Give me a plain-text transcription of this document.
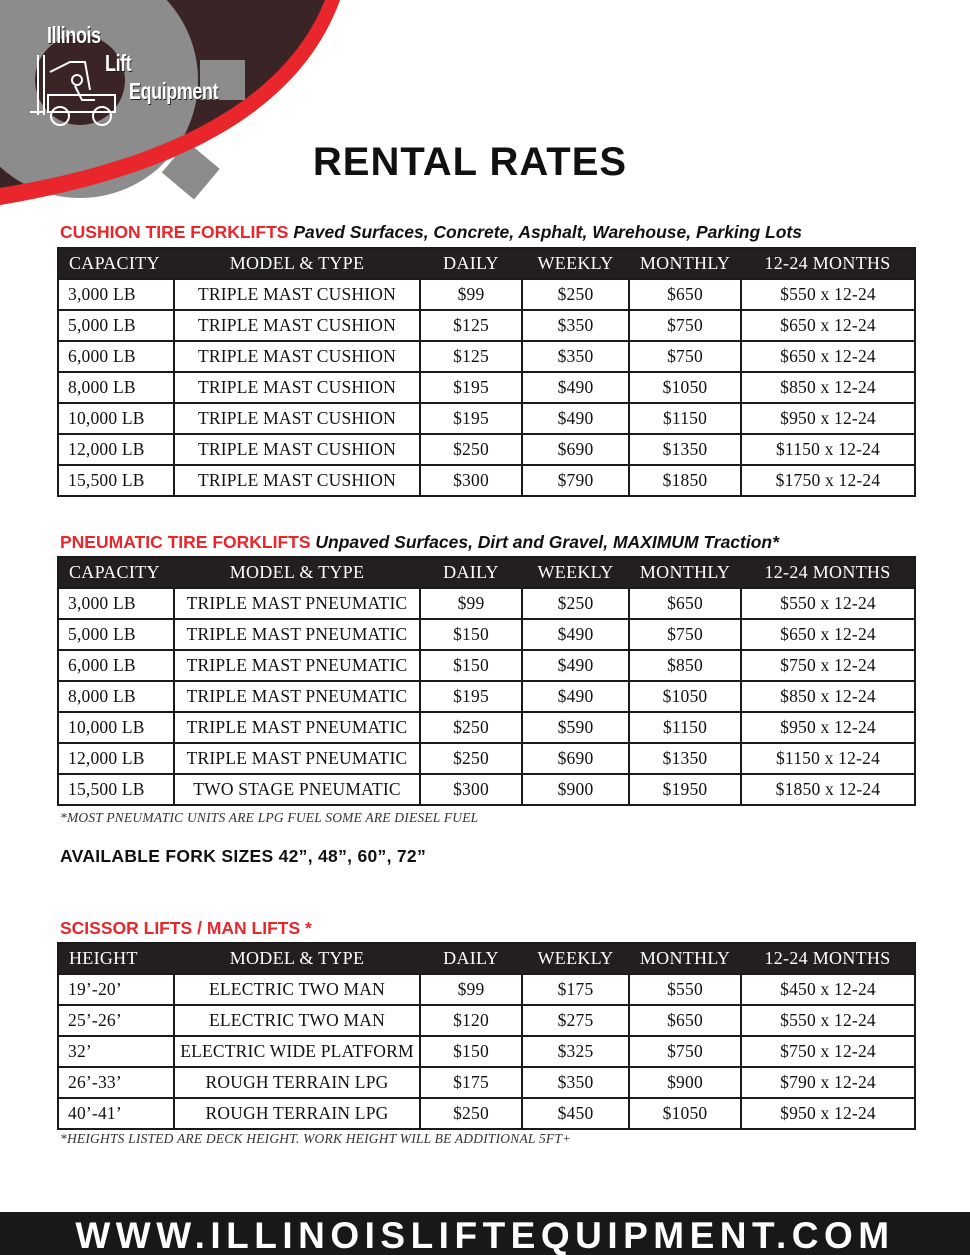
Illinois
Lift
Equipment
RENTAL RATES
CUSHION TIRE FORKLIFTS Paved Surfaces, Concrete, Asphalt, Warehouse, Parking Lots
CAPACITY	MODEL & TYPE	DAILY	WEEKLY	MONTHLY	12-24 MONTHS
3,000 LB	TRIPLE MAST CUSHION	$99	$250	$650	$550 x 12-24
5,000 LB	TRIPLE MAST CUSHION	$125	$350	$750	$650 x 12-24
6,000 LB	TRIPLE MAST CUSHION	$125	$350	$750	$650 x 12-24
8,000 LB	TRIPLE MAST CUSHION	$195	$490	$1050	$850 x 12-24
10,000 LB	TRIPLE MAST CUSHION	$195	$490	$1150	$950 x 12-24
12,000 LB	TRIPLE MAST CUSHION	$250	$690	$1350	$1150 x 12-24
15,500 LB	TRIPLE MAST CUSHION	$300	$790	$1850	$1750 x 12-24
PNEUMATIC TIRE FORKLIFTS Unpaved Surfaces, Dirt and Gravel, MAXIMUM Traction*
CAPACITY	MODEL & TYPE	DAILY	WEEKLY	MONTHLY	12-24 MONTHS
3,000 LB	TRIPLE MAST PNEUMATIC	$99	$250	$650	$550 x 12-24
5,000 LB	TRIPLE MAST PNEUMATIC	$150	$490	$750	$650 x 12-24
6,000 LB	TRIPLE MAST PNEUMATIC	$150	$490	$850	$750 x 12-24
8,000 LB	TRIPLE MAST PNEUMATIC	$195	$490	$1050	$850 x 12-24
10,000 LB	TRIPLE MAST PNEUMATIC	$250	$590	$1150	$950 x 12-24
12,000 LB	TRIPLE MAST PNEUMATIC	$250	$690	$1350	$1150 x 12-24
15,500 LB	TWO STAGE PNEUMATIC	$300	$900	$1950	$1850 x 12-24
*MOST PNEUMATIC UNITS ARE LPG FUEL SOME ARE DIESEL FUEL
AVAILABLE FORK SIZES 42”, 48”, 60”, 72”
SCISSOR LIFTS / MAN LIFTS *
HEIGHT	MODEL & TYPE	DAILY	WEEKLY	MONTHLY	12-24 MONTHS
19’-20’	ELECTRIC TWO MAN	$99	$175	$550	$450 x 12-24
25’-26’	ELECTRIC TWO MAN	$120	$275	$650	$550 x 12-24
32’	ELECTRIC WIDE PLATFORM	$150	$325	$750	$750 x 12-24
26’-33’	ROUGH TERRAIN LPG	$175	$350	$900	$790 x 12-24
40’-41’	ROUGH TERRAIN LPG	$250	$450	$1050	$950 x 12-24
*HEIGHTS LISTED ARE DECK HEIGHT. WORK HEIGHT WILL BE ADDITIONAL 5FT+
WWW.ILLINOISLIFTEQUIPMENT.COM
